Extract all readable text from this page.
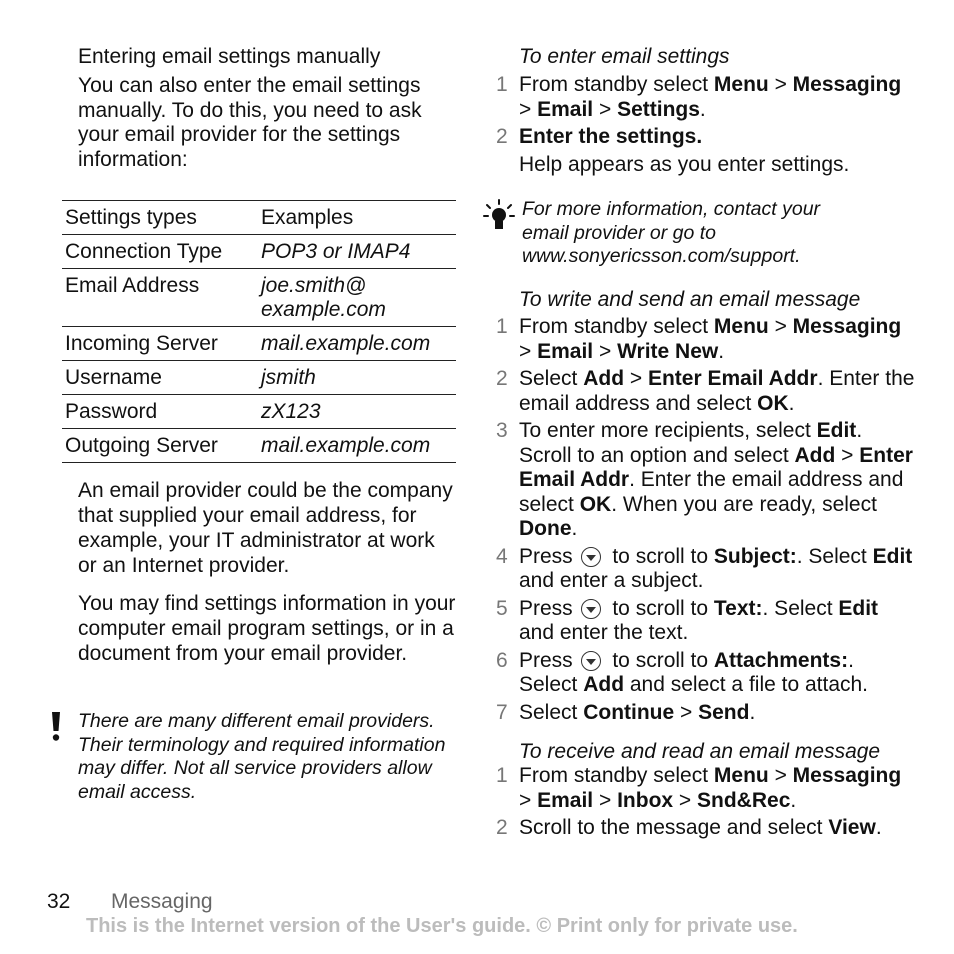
Entering email settings manually
You can also enter the email settings manually. To do this, you need to ask your email provider for the settings information:
Settings types	Examples
Connection Type	POP3 or IMAP4
Email Address	joe.smith@
example.com
Incoming Server	mail.example.com
Username	jsmith
Password	zX123
Outgoing Server	mail.example.com
An email provider could be the company that supplied your email address, for example, your IT administrator at work or an Internet provider.
You may find settings information in your computer email program settings, or in a document from your email provider.
There are many different email providers. Their terminology and required information may differ. Not all service providers allow email access.
To enter email settings
1 From standby select Menu > Messaging > Email > Settings.
2 Enter the settings.
Help appears as you enter settings.
For more information, contact your email provider or go to www.sonyericsson.com/support.
To write and send an email message
1 From standby select Menu > Messaging > Email > Write New.
2 Select Add > Enter Email Addr. Enter the email address and select OK.
3 To enter more recipients, select Edit. Scroll to an option and select Add > Enter Email Addr. Enter the email address and select OK. When you are ready, select Done.
4 Press  to scroll to Subject:. Select Edit and enter a subject.
5 Press  to scroll to Text:. Select Edit and enter the text.
6 Press  to scroll to Attachments:. Select Add and select a file to attach.
7 Select Continue > Send.
To receive and read an email message
1 From standby select Menu > Messaging > Email > Inbox > Snd&Rec.
2 Scroll to the message and select View.
32 Messaging
This is the Internet version of the User's guide. © Print only for private use.
